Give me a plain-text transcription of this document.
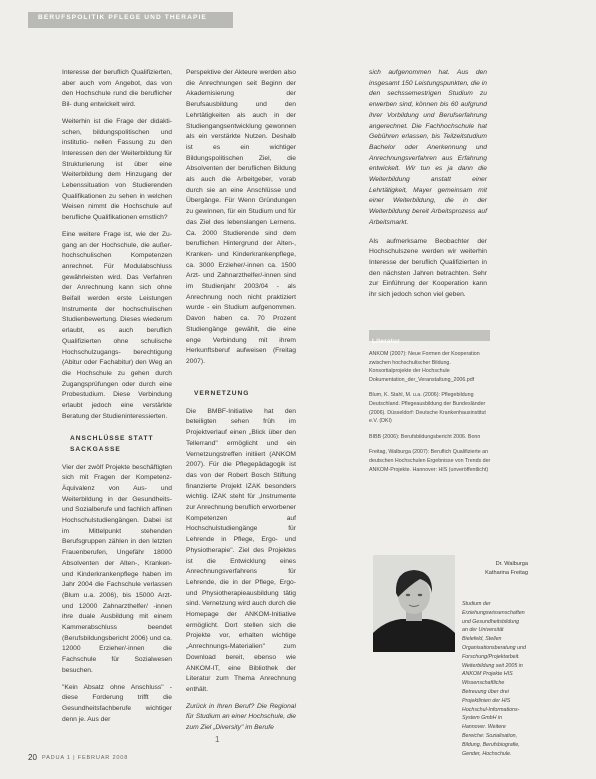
BERUFSPOLITIK PFLEGE UND THERAPIE

Interesse der beruflich Qualifizierten, aber auch vom Angebot, das von den Hochschule rund die beruflicher Bil- dung entwickelt wird.

Weiterhin ist die Frage der didakti- schen, bildungspolitischen und institutio- nellen Fassung zu den Interessen den der Weiterbildung für Strukturierung ist über eine Weiterbildung dem Hinzugang der Lebenssituation von Studierenden Qualifikationen zu sehen in welchen Weisen nimmt die Hochschule auf berufliche Qualifikationen ernstlich?

Eine weitere Frage ist, wie der Zu- gang an der Hochschule, die außer- hochschulischen Kompetenzen anrechnet. Für Modulabschluss gewährleisten wird. Das Verfahren der Anrechnung kann sich ohne Beifall werden erste Leistungen Instrumente der hochschulischen Studienbewertung. Dieses wiederum erlaubt, es auch beruflich Qualifizierten ohne schulische Hochschulzugangs- berechtigung (Abitur oder Fachabitur) den Weg an die Hochschule zu gehen durch Zugangsprüfungen oder durch eine Probestudium. Diese Verbindung erlaubt jedoch eine verstärkte Beratung der Studieninteressierten.

ANSCHLÜSSE STATT SACKGASSE

Vier der zwölf Projekte beschäftigten sich mit Fragen der Kompetenz-Äquivalenz von Aus- und Weiterbildung in der Gesundheits- und Sozialberufe und fachlich affinen Hochschulstudiengängen. Dabei ist im Mittelpunkt stehenden Berufsgruppen zählen in den letzten Frauenberufen, Ungefähr 18000 Absolventen der Alten-, Kranken- und Kinderkrankenpflege haben im Jahr 2004 die Fachschule verlassen (Blum u.a. 2006), bis 15000 Arzt- und 12000 Zahnarzthelfer/ -innen ihre duale Ausbildung mit einem Kammerabschluss beendet (Berufsbildungsbericht 2006) und ca. 12000 Erzieher/-innen die Fachschule für Sozialwesen besuchen.

"Kein Absatz ohne Anschluss" - diese Forderung trifft die Gesundheitsfachberufe wichtiger denn je. Aus der

Perspektive der Akteure werden also die Anrechnungen seit Beginn der Akademisierung der Berufsausbildung und den Lehrtätigkeiten als auch in der Studiengangsentwicklung gewonnen als ein verstärkte Nutzen. Deshalb ist es ein wichtiger Bildungspolitischen Ziel, die Absolventen der beruflichen Bildung als auch die Arbeitgeber, vorab durch sie an eine Anschlüsse und Übergänge. Für Wenn Gründungen zu gewinnen, für ein Studium und für das Ziel des lebenslangen Lernens. Ca. 2000 Studierende sind dem beruflichen Hintergrund der Alten-, Kranken- und Kinderkrankenpflege, ca. 3000 Erzieher/-innen ca. 1500 Arzt- und Zahnarzthelfer/-innen sind im Studienjahr 2003/04 - als Anrechnung noch nicht praktiziert wurde - ein Studium aufgenommen. Davon haben ca. 70 Prozent Studiengänge gewählt, die eine enge Verbindung mit ihrem Herkunftsberuf aufweisen (Freitag 2007).

VERNETZUNG

Die BMBF-Initiative hat den beteiligten sehen früh im Projektverlauf einen „Blick über den Tellerrand" ermöglicht und ein Vernetzungstreffen initiiert (ANKOM 2007). Für die Pflegepädagogik ist das von der Robert Bosch Stiftung finanzierte Projekt IZAK besonders wichtig. IZAK steht für „Instrumente zur Anrechnung beruflich erworbener Kompetenzen auf Hochschulstudiengänge für Lehrende in Pflege, Ergo- und Physiotherapie". Ziel des Projektes ist die Entwicklung eines Anrechnungsverfahrens für Lehrende, die in der Pflege, Ergo- und Physiotherapieausbildung tätig sind. Vernetzung wird auch durch die Homepage der ANKOM-Initiative ermöglicht. Dort stellen sich die Projekte vor, erhalten wichtige „Anrechnungs-Materialien" zum Download bereit, ebenso wie ANKOM-IT, eine Bibliothek der Literatur zum Thema Anrechnung enthält.

Zurück in Ihren Beruf? Die Regional für Studium an einer Hochschule, die zum Ziel „Diversity" im Berufe

sich aufgenommen hat. Aus den insgesamt 150 Leistungspunkten, die in den sechssemestrigen Studium zu erwerben sind, können bis 60 aufgrund ihrer Vorbildung und Berufserfahrung angerechnet. Die Fachhochschule hat Gebühren erlassen, bis Teilzeitstudium Bachelor oder Anerkennung und Anrechnungsverfahren aus Erfahrung entwickelt. Wir tun es ja dann die Weiterbildung anstatt einer Lehrtätigkeit, Mayer gemeinsam mit einer Weiterbildung, die in der Weiterbildung bereit Arbeitsprozess auf Arbeitsmarkt.

Als aufmerksame Beobachter der Hochschulszene werden wir weiterhin Interesse der beruflich Qualifizierten in den nächsten Jahren betrachten. Sehr zur Einführung der Kooperation kann ihr sich jedoch schon viel geben.

Literatur
ANKOM (2007): Neue Formen der Kooperation zwischen hochschulischer Bildung. Konsortialprojekte der Hochschule Dokumentation_der_Veranstaltung_2006.pdf
Blum, K. Stahl, M. u.a. (2006): Pflegebildung Deutschland. Pflegeausbildung der Bundesländer (2006). Düsseldorf: Deutsche Krankenhausinstitut e.V. (DKI)
BIBB (2006): Berufsbildungsbericht 2006. Bonn
Freitag, Walburga (2007): Beruflich Qualifizierte an deutschen Hochschulen Ergebnisse von Trends der ANKOM-Projekte. Hannover: HIS (unveröffentlicht)
Dr. Walburga
Katharina Freitag
Studium der Erziehungswissenschaften und Gesundheitsbildung an der Universität Bielefeld, Stellen Organisationsberatung und Forschung/Projektarbeit. Weiterbildung seit 2005 in ANKOM Projekte HIS Wissenschaftliche Betreuung über drei Projektlinien der HIS Hochschul-Informations-System GmbH in Hannover. Weitere Bereiche: Sozialisation, Bildung, Berufsbiografie, Gender, Hochschule.
1
20 PADUA 1 | FEBRUAR 2008
